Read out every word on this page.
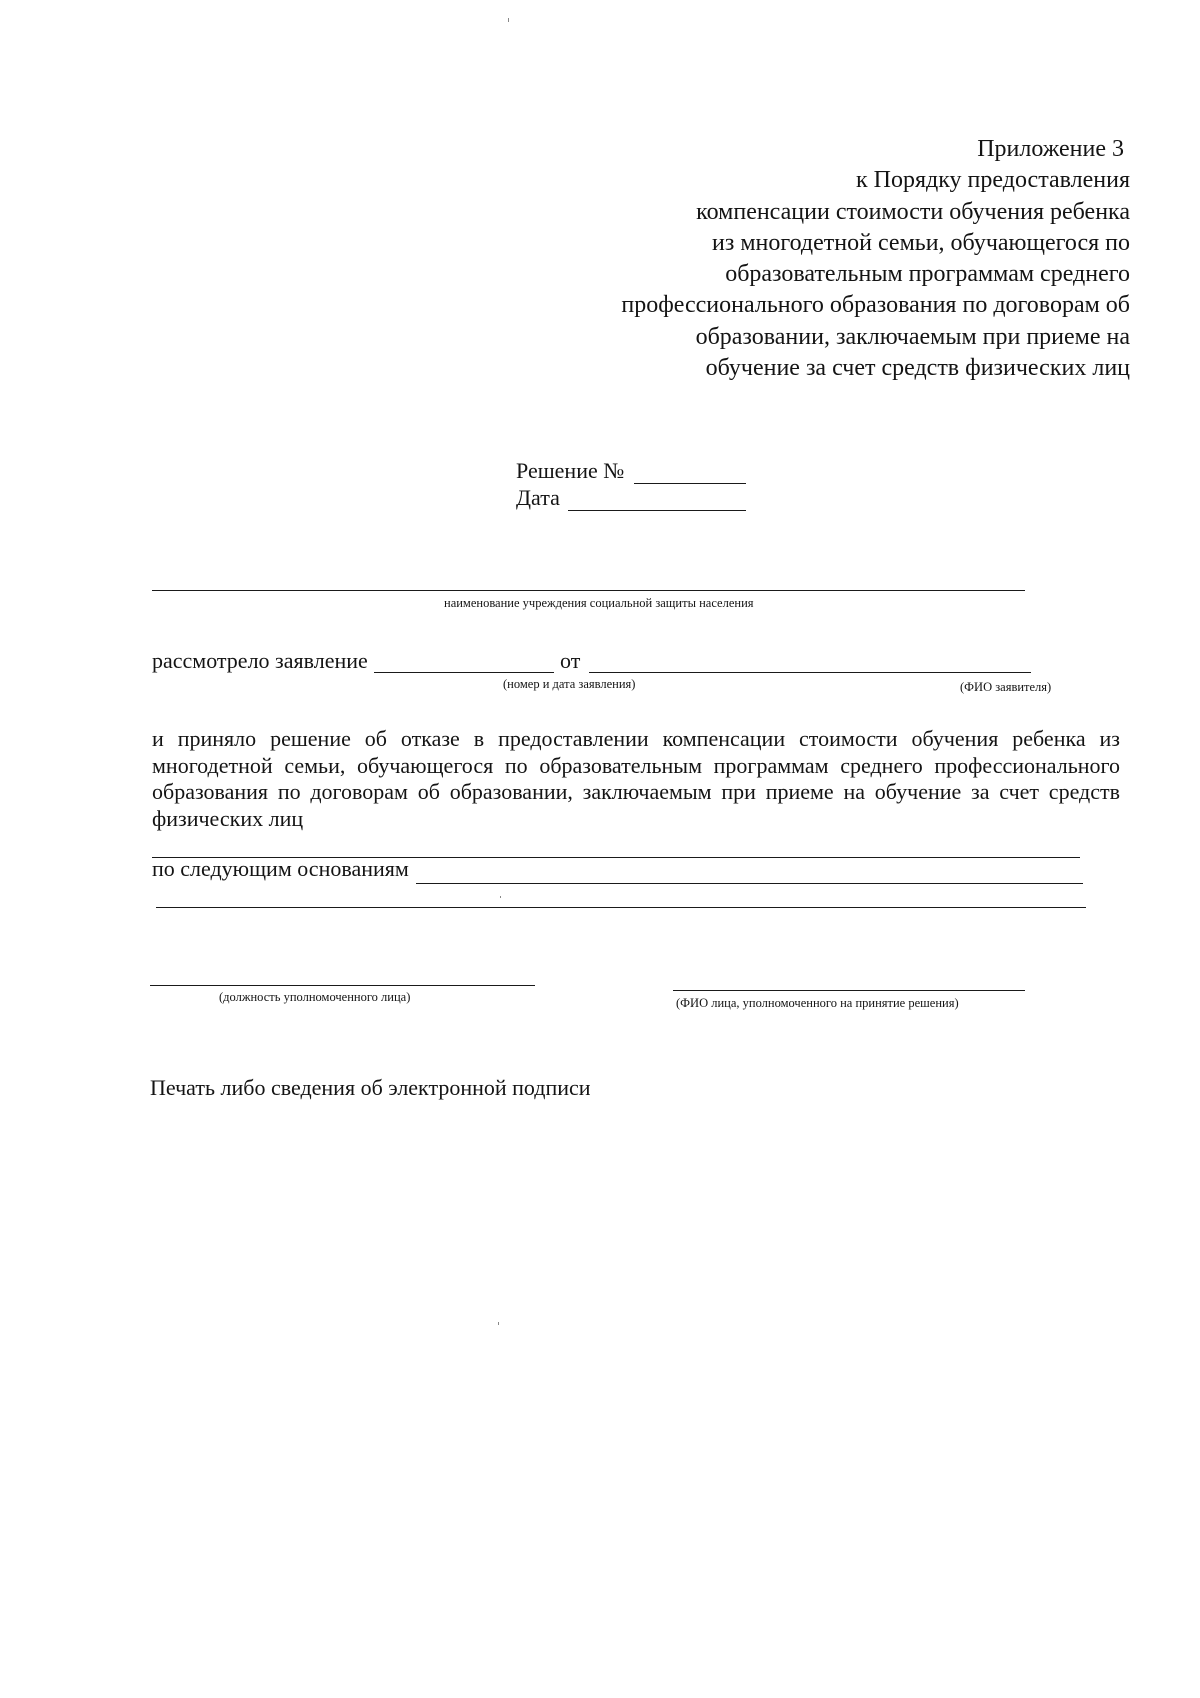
Приложение 3
к Порядку предоставления
компенсации стоимости обучения ребенка
из многодетной семьи, обучающегося по
образовательным программам среднего
профессионального образования по договорам об
образовании, заключаемым при приеме на
обучение за счет средств физических лиц
Решение №
Дата
наименование учреждения социальной защиты населения
рассмотрело заявление	от
(номер и дата заявления)	(ФИО заявителя)
и приняло решение об отказе в предоставлении компенсации стоимости обучения ребенка из
многодетной семьи, обучающегося по образовательным программам среднего профессионального
образования по договорам об образовании, заключаемым при приеме на обучение за счет средств
физических лиц
по следующим основаниям
(должность уполномоченного лица)	(ФИО лица, уполномоченного на принятие решения)
Печать либо сведения об электронной подписи
